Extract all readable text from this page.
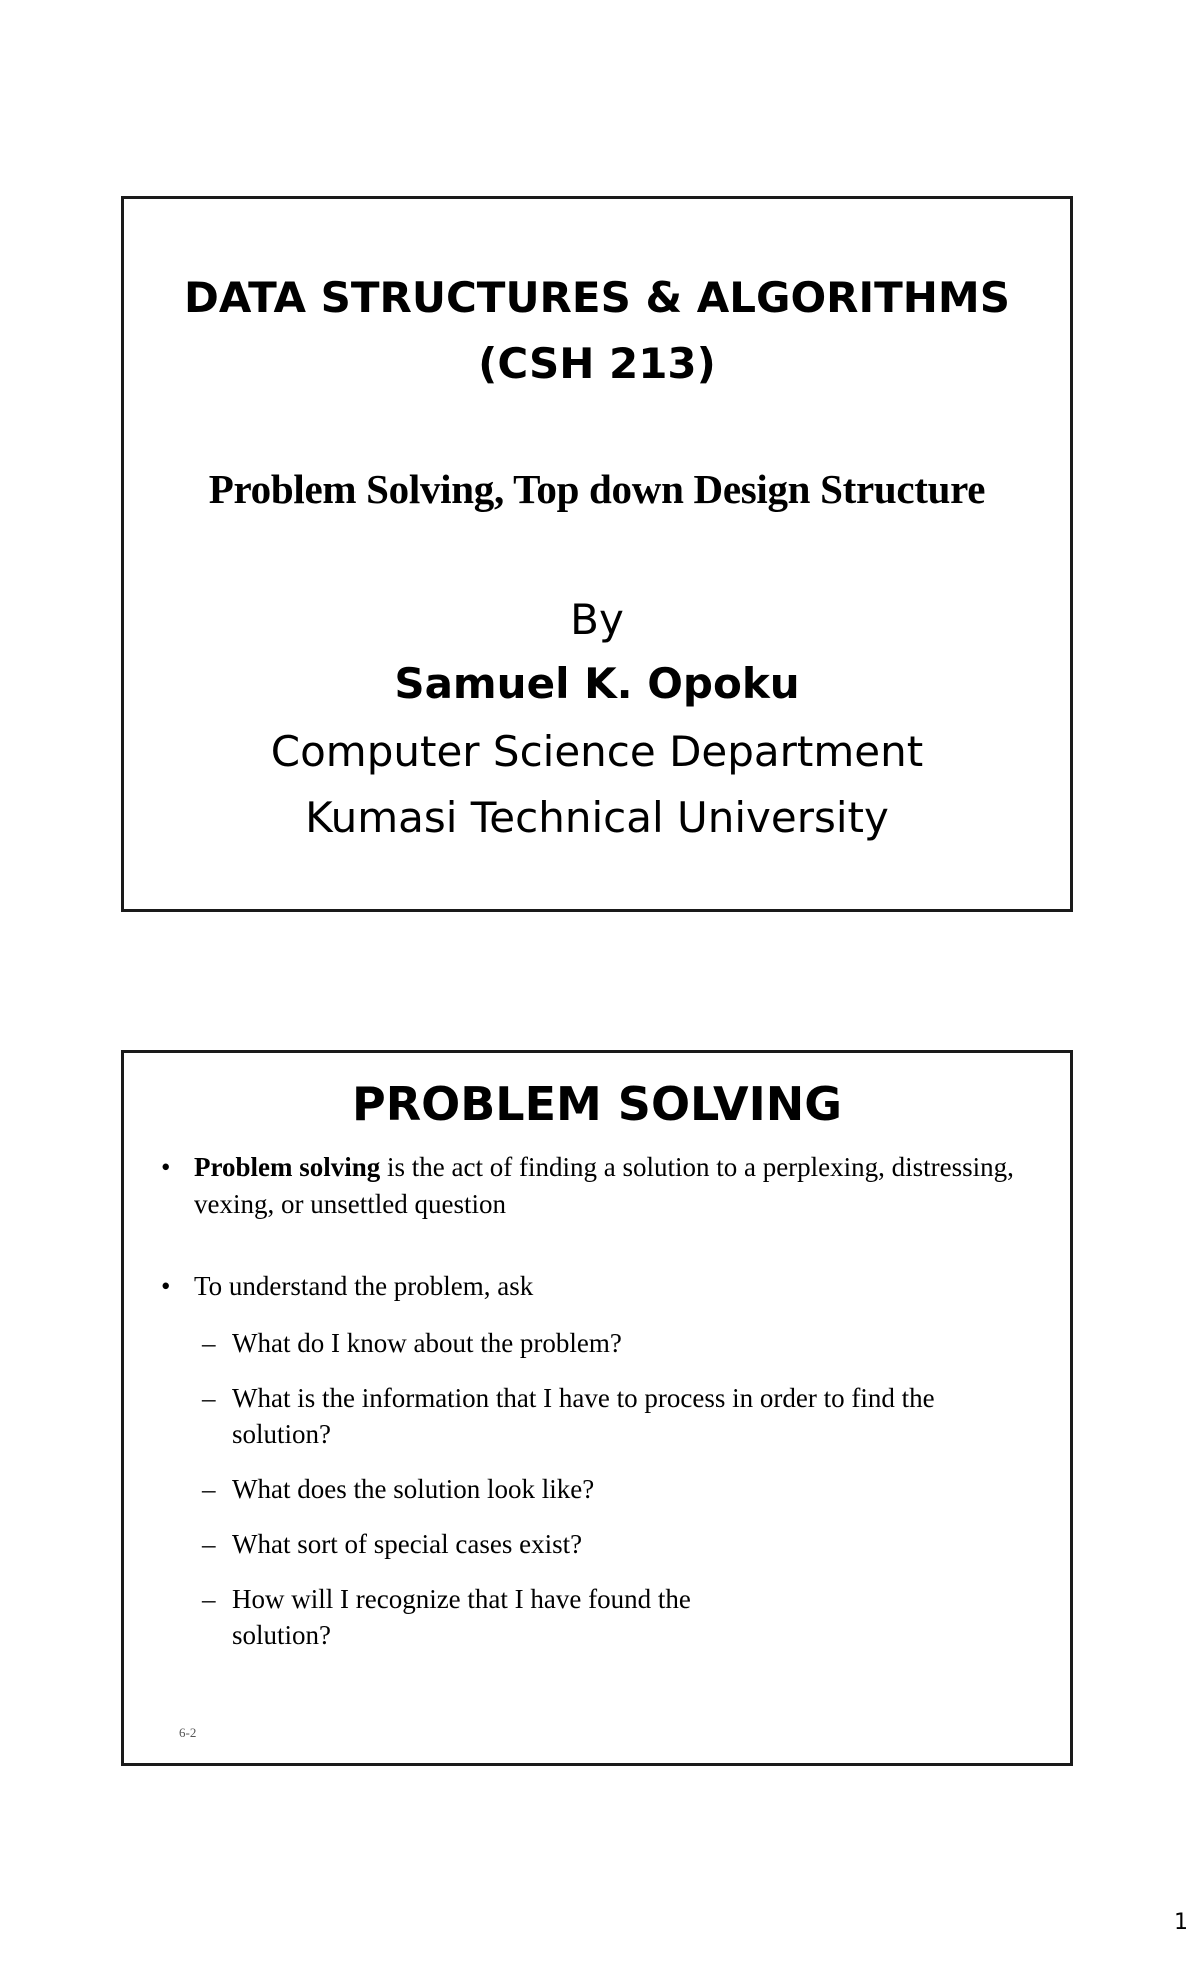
DATA STRUCTURES & ALGORITHMS
(CSH 213)
Problem Solving, Top down Design Structure
By
Samuel K. Opoku
Computer Science Department
Kumasi Technical University
PROBLEM SOLVING
• Problem solving is the act of finding a solution to a perplexing, distressing, vexing, or unsettled question
• To understand the problem, ask
– What do I know about the problem?
– What is the information that I have to process in order to find the solution?
– What does the solution look like?
– What sort of special cases exist?
– How will I recognize that I have found the solution?
6-2
1
